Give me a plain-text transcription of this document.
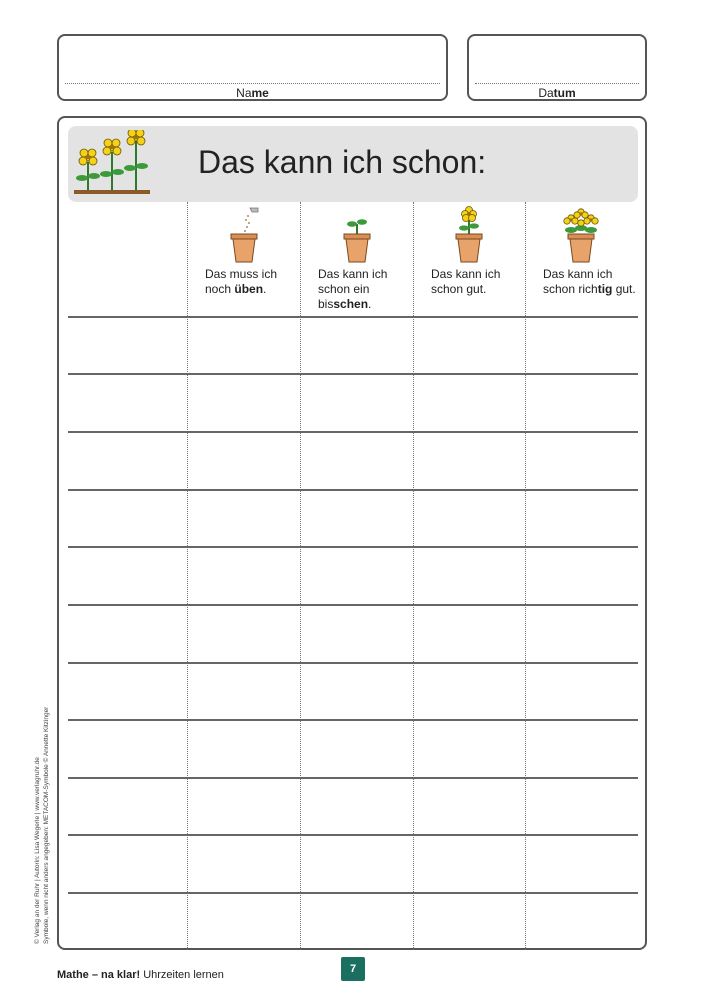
Name	Datum
Das kann ich schon:
Das muss ich noch üben.
Das kann ich schon ein bisschen.
Das kann ich schon gut.
Das kann ich schon richtig gut.
© Verlag an der Ruhr | Autorin: Lisa Wegerle | www.verlagruhr.de Symbole, wenn nicht anders angegeben: METACOM-Symbole © Annette Kitzinger
Mathe – na klar! Uhrzeiten lernen	7
